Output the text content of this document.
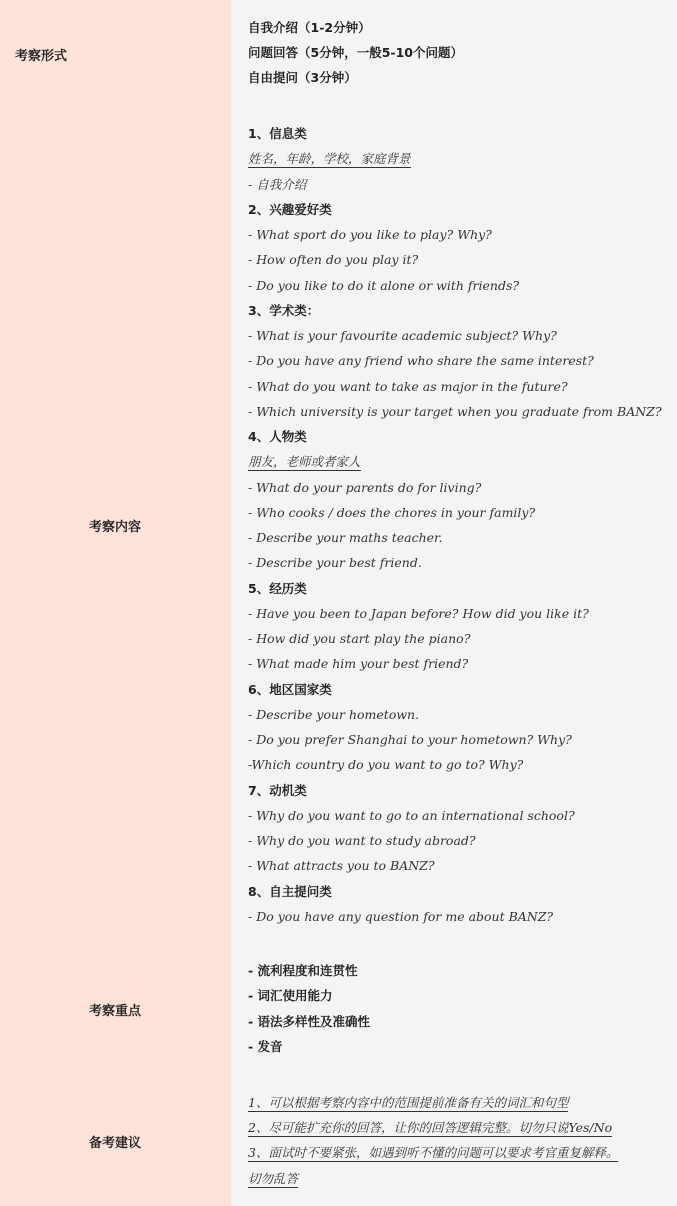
考察形式
考察内容
考察重点
备考建议
自我介绍（1-2分钟）
问题回答（5分钟，一般5-10个问题）
自由提问（3分钟）
1、信息类
姓名，年龄，学校，家庭背景
- 自我介绍
2、兴趣爱好类
- What sport do you like to play? Why?
- How often do you play it?
- Do you like to do it alone or with friends?
3、学术类：
- What is your favourite academic subject? Why?
- Do you have any friend who share the same interest?
- What do you want to take as major in the future?
- Which university is your target when you graduate from BANZ?
4、人物类
朋友，老师或者家人
- What do your parents do for living?
- Who cooks / does the chores in your family?
- Describe your maths teacher.
- Describe your best friend.
5、经历类
- Have you been to Japan before? How did you like it?
- How did you start play the piano?
- What made him your best friend?
6、地区国家类
- Describe your hometown.
- Do you prefer Shanghai to your hometown? Why?
-Which country do you want to go to? Why?
7、动机类
- Why do you want to go to an international school?
- Why do you want to study abroad?
- What attracts you to BANZ?
8、自主提问类
- Do you have any question for me about BANZ?
- 流利程度和连贯性
- 词汇使用能力
- 语法多样性及准确性
- 发音
1、可以根据考察内容中的范围提前准备有关的词汇和句型
2、尽可能扩充你的回答，让你的回答逻辑完整。切勿只说Yes/No
3、面试时不要紧张，如遇到听不懂的问题可以要求考官重复解释。
切勿乱答
